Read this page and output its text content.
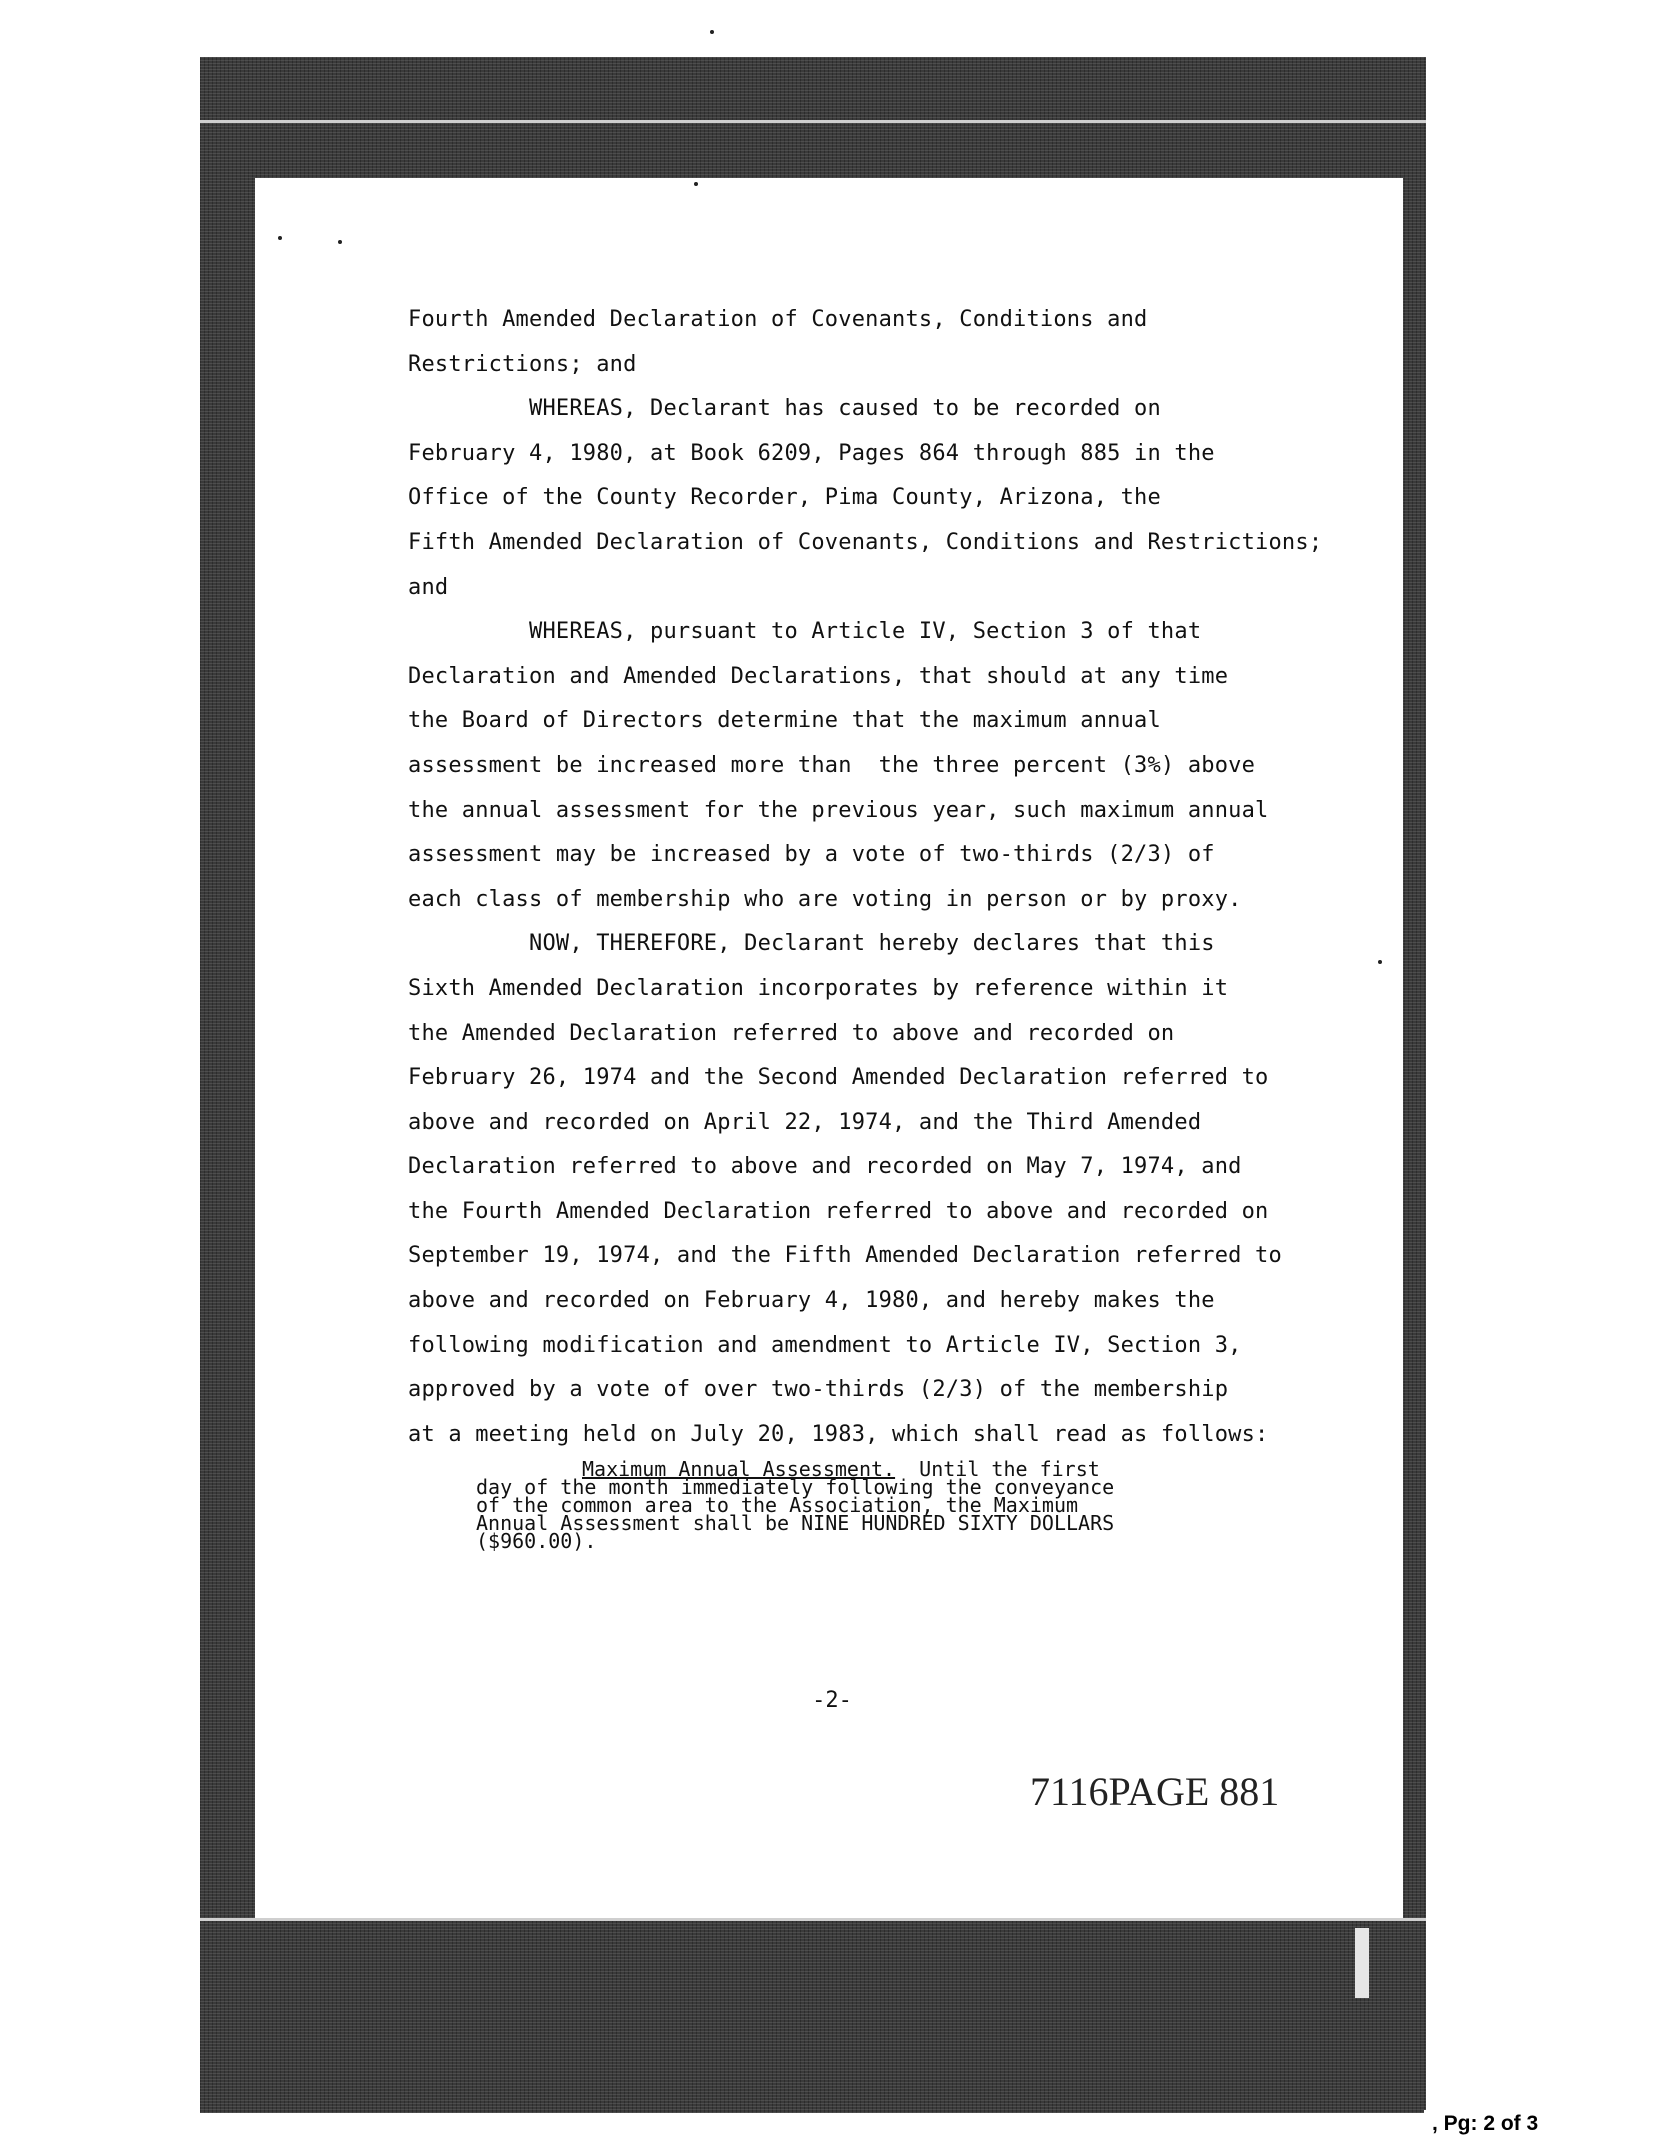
Fourth Amended Declaration of Covenants, Conditions and
Restrictions; and
WHEREAS, Declarant has caused to be recorded on
February 4, 1980, at Book 6209, Pages 864 through 885 in the
Office of the County Recorder, Pima County, Arizona, the
Fifth Amended Declaration of Covenants, Conditions and Restrictions;
and
WHEREAS, pursuant to Article IV, Section 3 of that
Declaration and Amended Declarations, that should at any time
the Board of Directors determine that the maximum annual
assessment be increased more than  the three percent (3%) above
the annual assessment for the previous year, such maximum annual
assessment may be increased by a vote of two-thirds (2/3) of
each class of membership who are voting in person or by proxy.
NOW, THEREFORE, Declarant hereby declares that this
Sixth Amended Declaration incorporates by reference within it
the Amended Declaration referred to above and recorded on
February 26, 1974 and the Second Amended Declaration referred to
above and recorded on April 22, 1974, and the Third Amended
Declaration referred to above and recorded on May 7, 1974, and
the Fourth Amended Declaration referred to above and recorded on
September 19, 1974, and the Fifth Amended Declaration referred to
above and recorded on February 4, 1980, and hereby makes the
following modification and amendment to Article IV, Section 3,
approved by a vote of over two-thirds (2/3) of the membership
at a meeting held on July 20, 1983, which shall read as follows:
Maximum Annual Assessment.  Until the first
day of the month immediately following the conveyance
of the common area to the Association, the Maximum
Annual Assessment shall be NINE HUNDRED SIXTY DOLLARS
($960.00).
-2-
7116PAGE 881
, Pg: 2 of 3
